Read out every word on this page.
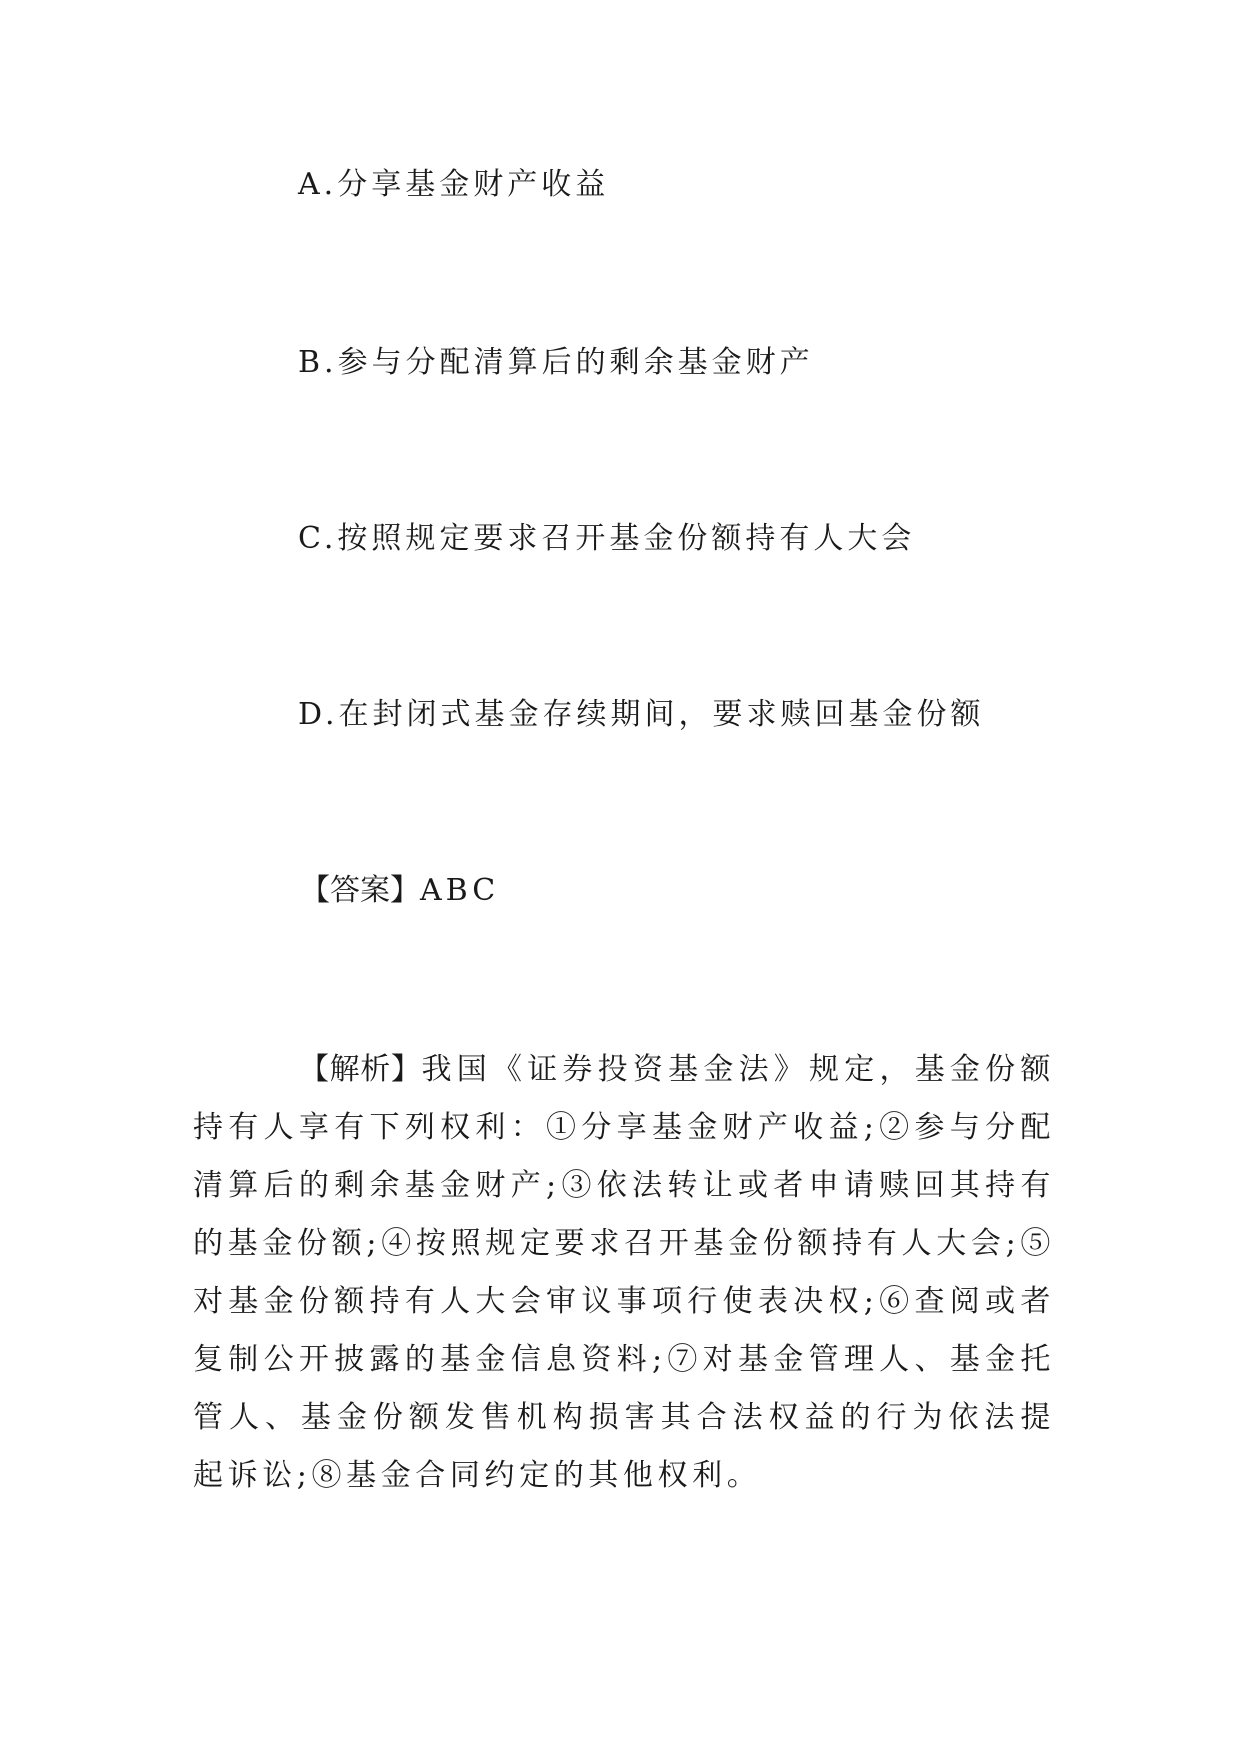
A.分享基金财产收益
B.参与分配清算后的剩余基金财产
C.按照规定要求召开基金份额持有人大会
D.在封闭式基金存续期间，要求赎回基金份额
【答案】ABC
【解析】我国《证券投资基金法》规定，基金份额持有人享有下列权利：①分享基金财产收益;②参与分配清算后的剩余基金财产;③依法转让或者申请赎回其持有的基金份额;④按照规定要求召开基金份额持有人大会;⑤对基金份额持有人大会审议事项行使表决权;⑥查阅或者复制公开披露的基金信息资料;⑦对基金管理人、基金托管人、基金份额发售机构损害其合法权益的行为依法提起诉讼;⑧基金合同约定的其他权利。
